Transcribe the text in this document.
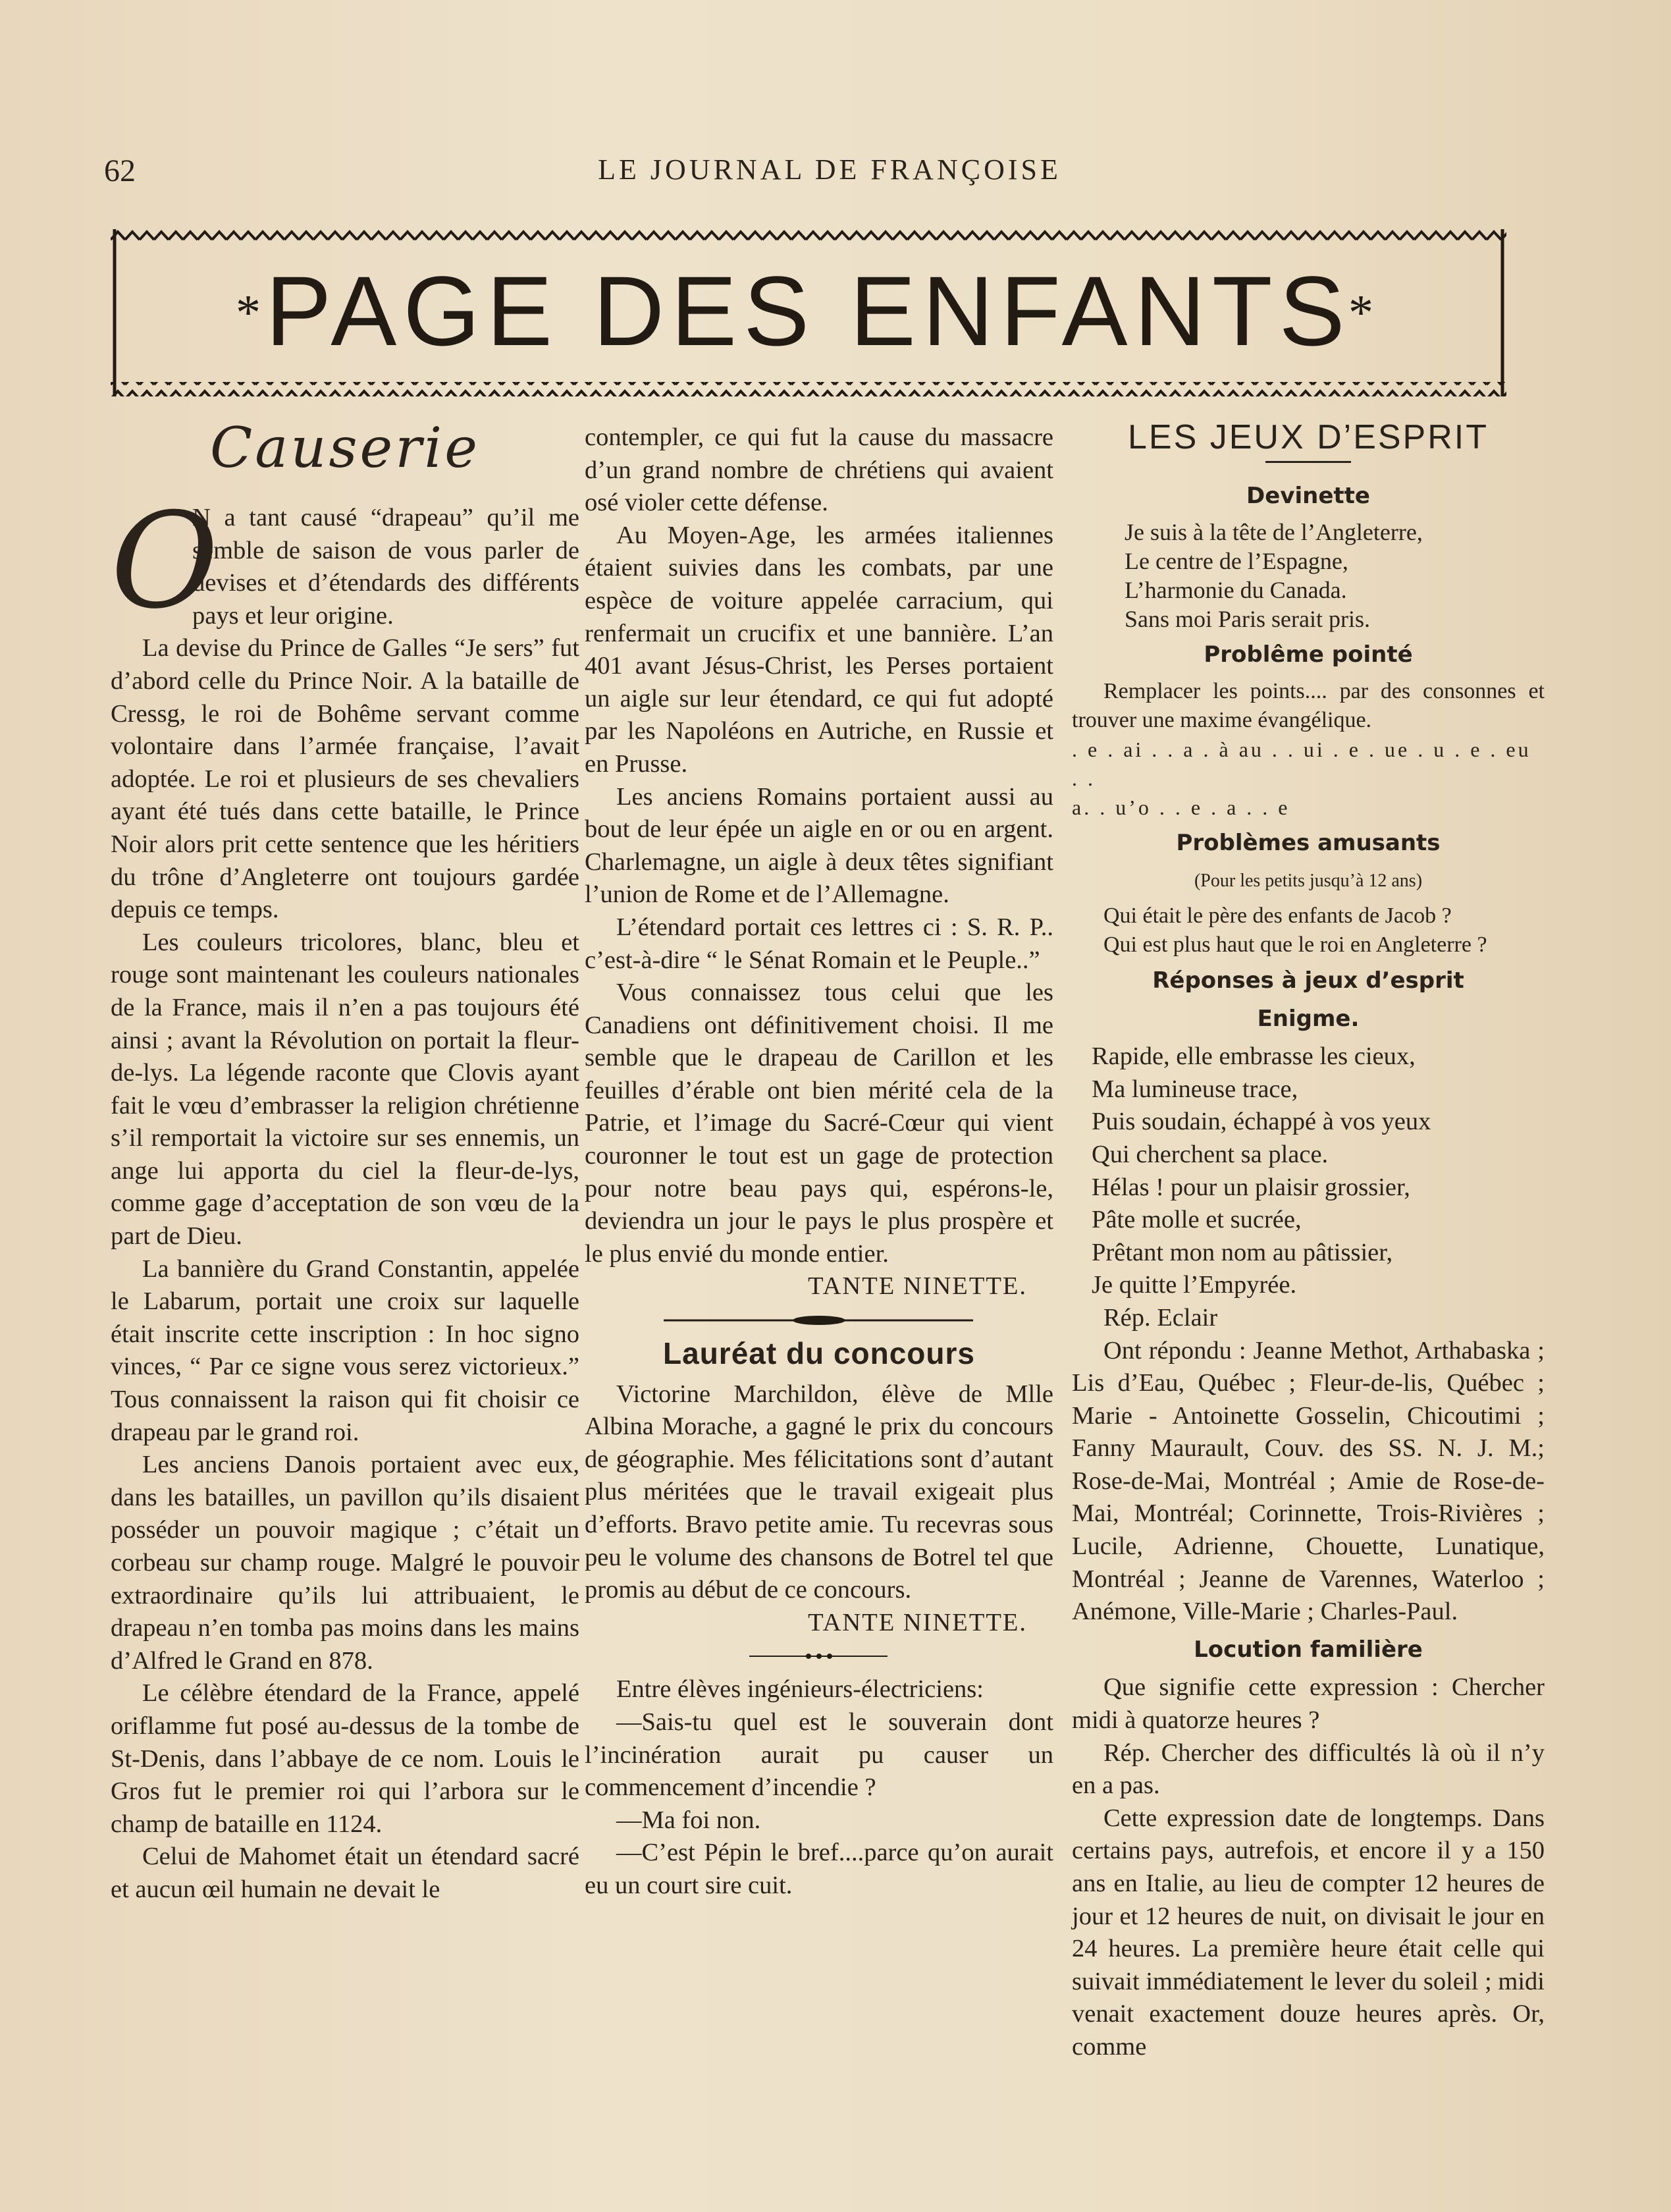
62	LE JOURNAL DE FRANÇOISE
* PAGE DES ENFANTS
*
Causerie
O

N a tant causé “drapeau” qu’il me semble de saison de vous parler de devises et d’étendards des différents pays et leur origine.

La devise du Prince de Galles “Je sers” fut d’abord celle du Prince Noir. A la bataille de Cressg, le roi de Bohême servant comme volontaire dans l’armée française, l’avait adoptée. Le roi et plusieurs de ses chevaliers ayant été tués dans cette bataille, le Prince Noir alors prit cette sentence que les héritiers du trône d’Angleterre ont toujours gardée depuis ce temps.

Les couleurs tricolores, blanc, bleu et rouge sont maintenant les couleurs nationales de la France, mais il n’en a pas toujours été ainsi ; avant la Révolution on portait la fleur-de-lys. La légende raconte que Clovis ayant fait le vœu d’embrasser la religion chrétienne s’il remportait la victoire sur ses ennemis, un ange lui apporta du ciel la fleur-de-lys, comme gage d’acceptation de son vœu de la part de Dieu.

La bannière du Grand Constantin, appelée le Labarum, portait une croix sur laquelle était inscrite cette inscription : In hoc signo vinces, “ Par ce signe vous serez victorieux.” Tous connaissent la raison qui fit choisir ce drapeau par le grand roi.

Les anciens Danois portaient avec eux, dans les batailles, un pavillon qu’ils disaient posséder un pouvoir magique ; c’était un corbeau sur champ rouge. Malgré le pouvoir extraordinaire qu’ils lui attribuaient, le drapeau n’en tomba pas moins dans les mains d’Alfred le Grand en 878.

Le célèbre étendard de la France, appelé oriflamme fut posé au-dessus de la tombe de St-Denis, dans l’abbaye de ce nom. Louis le Gros fut le premier roi qui l’arbora sur le champ de bataille en 1124.

Celui de Mahomet était un étendard sacré et aucun œil humain ne devait le

contempler, ce qui fut la cause du massacre d’un grand nombre de chrétiens qui avaient osé violer cette défense.

Au Moyen-Age, les armées italiennes étaient suivies dans les combats, par une espèce de voiture appelée carracium, qui renfermait un crucifix et une bannière. L’an 401 avant Jésus-Christ, les Perses portaient un aigle sur leur étendard, ce qui fut adopté par les Napoléons en Autriche, en Russie et en Prusse.

Les anciens Romains portaient aussi au bout de leur épée un aigle en or ou en argent. Charlemagne, un aigle à deux têtes signifiant l’union de Rome et de l’Allemagne.

L’étendard portait ces lettres ci : S. R. P.. c’est-à-dire “ le Sénat Romain et le Peuple..”

Vous connaissez tous celui que les Canadiens ont définitivement choisi. Il me semble que le drapeau de Carillon et les feuilles d’érable ont bien mérité cela de la Patrie, et l’image du Sacré-Cœur qui vient couronner le tout est un gage de protection pour notre beau pays qui, espérons-le, deviendra un jour le pays le plus prospère et le plus envié du monde entier.

TANTE NINETTE.
Lauréat du concours

Victorine Marchildon, élève de Mlle Albina Morache, a gagné le prix du concours de géographie. Mes félicitations sont d’autant plus méritées que le travail exigeait plus d’efforts. Bravo petite amie. Tu recevras sous peu le volume des chansons de Botrel tel que promis au début de ce concours.

TANTE NINETTE.

Entre élèves ingénieurs-électriciens:

—Sais-tu quel est le souverain dont l’incinération aurait pu causer un commencement d’incendie ?

—Ma foi non.

—C’est Pépin le bref....parce qu’on aurait eu un court sire cuit.

LES JEUX D’ESPRIT
Devinette
Je suis à la tête de l’Angleterre,
Le centre de l’Espagne,
L’harmonie du Canada.
Sans moi Paris serait pris.
Problême pointé

Remplacer les points.... par des consonnes et trouver une maxime évangélique.

. e . ai . . a . à au . . ui . e . ue . u . e . eu . .
a. . u’o . . e . a . . e
Problèmes amusants
(Pour les petits jusqu’à 12 ans)

Qui était le père des enfants de Jacob ?

Qui est plus haut que le roi en Angleterre ?

Réponses à jeux d’esprit
Enigme.
Rapide, elle embrasse les cieux,
Ma lumineuse trace,
Puis soudain, échappé à vos yeux
Qui cherchent sa place.
Hélas ! pour un plaisir grossier,
Pâte molle et sucrée,
Prêtant mon nom au pâtissier,
Je quitte l’Empyrée.

Rép. Eclair

Ont répondu : Jeanne Methot, Arthabaska ; Lis d’Eau, Québec ; Fleur-de-lis, Québec ; Marie - Antoinette Gosselin, Chicoutimi ; Fanny Maurault, Couv. des SS. N. J. M.; Rose-de-Mai, Montréal ; Amie de Rose-de-Mai, Montréal; Corinnette, Trois-Rivières ; Lucile, Adrienne, Chouette, Lunatique, Montréal ; Jeanne de Varennes, Waterloo ; Anémone, Ville-Marie ; Charles-Paul.

Locution familière

Que signifie cette expression : Chercher midi à quatorze heures ?

Rép. Chercher des difficultés là où il n’y en a pas.

Cette expression date de longtemps. Dans certains pays, autrefois, et encore il y a 150 ans en Italie, au lieu de compter 12 heures de jour et 12 heures de nuit, on divisait le jour en 24 heures. La première heure était celle qui suivait immédiatement le lever du soleil ; midi venait exactement douze heures après. Or, comme
